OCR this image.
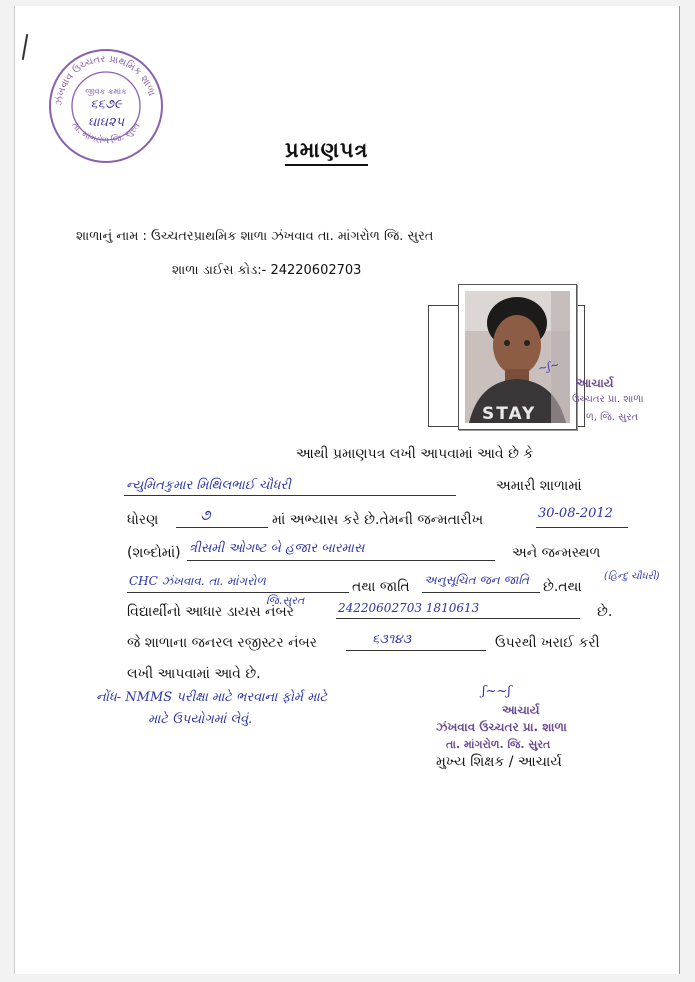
ઝંખવાવ ઉચ્ચતર પ્રાથમિક શાળા
તા. માંગરોળ જિ. સુરત
જીવક ક્રમાંક
૬૬૭૯
ઘાઘ૨૫
પ્રમાણપત્ર
શાળાનું નામ : ઉચ્ચતરપ્રાથમિક શાળા ઝંખવાવ તા. માંગરોળ જિ. સુરત
શાળા ડાઈસ કોડ:- 24220602703
STAY
આચાર્ય
ઉચ્ચતર પ્રા. શાળા
ળ, જિ. સુરત
~ʃ~
આથી પ્રમાણપત્ર લખી આપવામાં આવે છે કે
ન્યુમિતકુમાર મિથિલભાઈ ચૌધરી	અમારી શાળામાં
ધોરણ	૭	માં અભ્યાસ કરે છે.તેમની જન્મતારીખ	30-08-2012
(શબ્દોમાં) ત્રીસમી ઓગષ્ટ બે હજાર બારમાસ	અને જન્મસ્થળ
CHC ઝંખવાવ. તા. માંગરોળ
જિ.સુરત
તથા જાતિ અનુસૂચિત જન જાતિ છે.તથા
(હિન્દુ ચૌધરી)
વિદ્યાર્થીનો આધાર ડાયસ નંબર	24220602703 1810613	છે.
જે શાળાના જનરલ રજીસ્ટર નંબર	૬૩૧૪૩	ઉપરથી ખરાઈ કરી
લખી આપવામાં આવે છે.
નોંધ- NMMS પરીક્ષા માટે ભરવાના ફોર્મ માટે
માટે ઉપયોગમાં લેવું.
ʃ~~ʃ
આચાર્ય
ઝંખવાવ ઉચ્ચતર પ્રા. શાળા
તા. માંગરોળ. જિ. સુરત
મુખ્ય શિક્ષક / આચાર્ય
